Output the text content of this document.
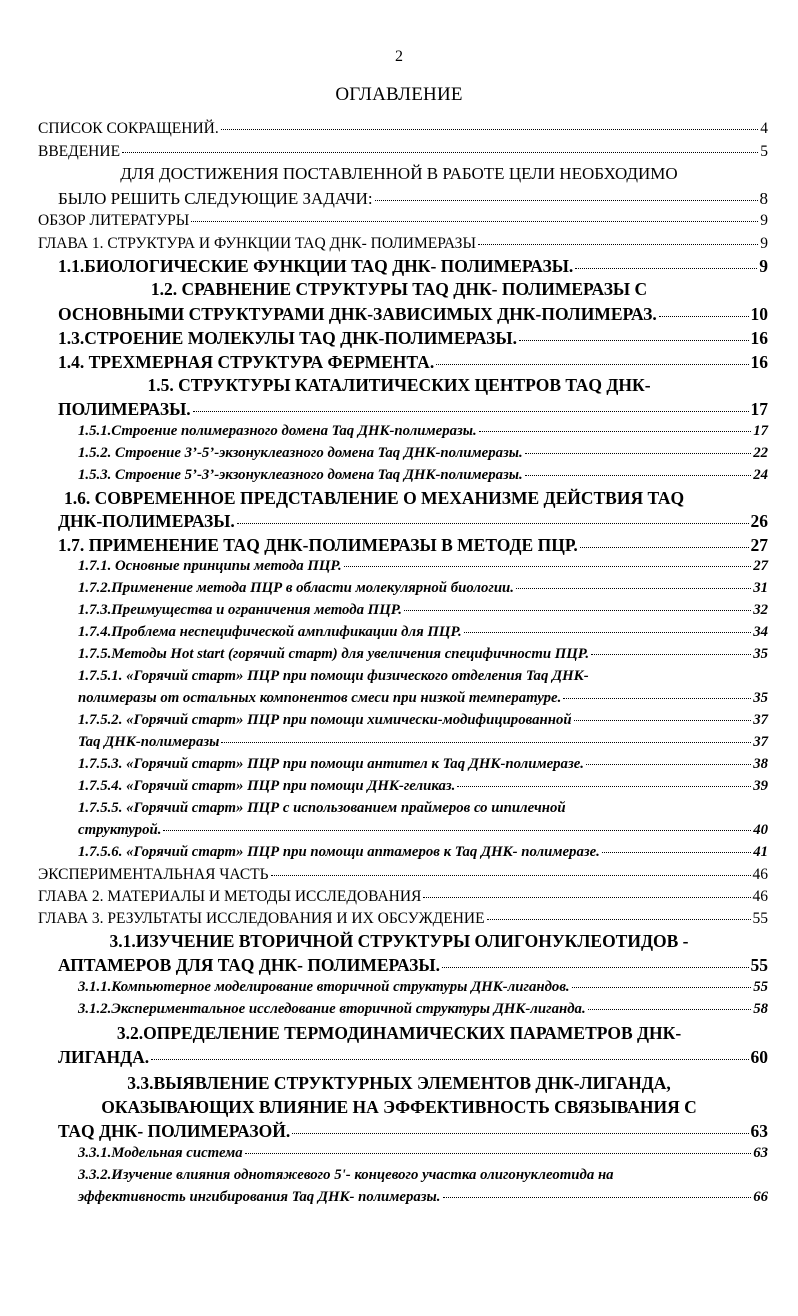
2
ОГЛАВЛЕНИЕ
СПИСОК СОКРАЩЕНИЙ.	4
ВВЕДЕНИЕ	5
ДЛЯ ДОСТИЖЕНИЯ ПОСТАВЛЕННОЙ В РАБОТЕ ЦЕЛИ НЕОБХОДИМО
БЫЛО РЕШИТЬ СЛЕДУЮЩИЕ ЗАДАЧИ:	8
ОБЗОР ЛИТЕРАТУРЫ	9
ГЛАВА 1. СТРУКТУРА И ФУНКЦИИ TAQ ДНК- ПОЛИМЕРАЗЫ	9
1.1.БИОЛОГИЧЕСКИЕ ФУНКЦИИ TAQ ДНК- ПОЛИМЕРАЗЫ.	9
1.2. СРАВНЕНИЕ СТРУКТУРЫ TAQ ДНК- ПОЛИМЕРАЗЫ С
ОСНОВНЫМИ СТРУКТУРАМИ ДНК-ЗАВИСИМЫХ ДНК-ПОЛИМЕРАЗ.	10
1.3.СТРОЕНИЕ МОЛЕКУЛЫ TAQ ДНК-ПОЛИМЕРАЗЫ.	16
1.4. ТРЕХМЕРНАЯ СТРУКТУРА ФЕРМЕНТА.	16
1.5. СТРУКТУРЫ КАТАЛИТИЧЕСКИХ ЦЕНТРОВ TAQ ДНК-
ПОЛИМЕРАЗЫ.	17
1.5.1.Строение полимеразного домена Taq ДНК-полимеразы.	17
1.5.2. Строение 3’-5’-экзонуклеазного домена Taq ДНК-полимеразы.	22
1.5.3. Строение 5’-3’-экзонуклеазного домена Taq ДНК-полимеразы.	24
1.6. СОВРЕМЕННОЕ ПРЕДСТАВЛЕНИЕ О МЕХАНИЗМЕ ДЕЙСТВИЯ TAQ
ДНК-ПОЛИМЕРАЗЫ.	26
1.7. ПРИМЕНЕНИЕ TAQ ДНК-ПОЛИМЕРАЗЫ В МЕТОДЕ ПЦР.	27
1.7.1. Основные принципы метода ПЦР.	27
1.7.2.Применение метода ПЦР в области молекулярной биологии.	31
1.7.3.Преимущества и ограничения метода ПЦР.	32
1.7.4.Проблема неспецифической амплификации для ПЦР.	34
1.7.5.Методы Hot start (горячий старт) для увеличения специфичности ПЦР.	35
1.7.5.1. «Горячий старт» ПЦР при помощи физического отделения Taq ДНК-
полимеразы от остальных компонентов смеси при низкой температуре.	35
1.7.5.2. «Горячий старт» ПЦР при помощи химически-модифицированной	37
Taq ДНК-полимеразы	37
1.7.5.3. «Горячий старт» ПЦР при помощи антител к Taq ДНК-полимеразе.	38
1.7.5.4. «Горячий старт» ПЦР при помощи ДНК-геликаз.	39
1.7.5.5. «Горячий старт» ПЦР с использованием праймеров со шпилечной
структурой.	40
1.7.5.6. «Горячий старт» ПЦР при помощи аптамеров к Taq ДНК- полимеразе.	41
ЭКСПЕРИМЕНТАЛЬНАЯ ЧАСТЬ	46
ГЛАВА 2. МАТЕРИАЛЫ И МЕТОДЫ ИССЛЕДОВАНИЯ	46
ГЛАВА 3. РЕЗУЛЬТАТЫ ИССЛЕДОВАНИЯ И ИХ ОБСУЖДЕНИЕ	55
3.1.ИЗУЧЕНИЕ ВТОРИЧНОЙ СТРУКТУРЫ ОЛИГОНУКЛЕОТИДОВ -
АПТАМЕРОВ ДЛЯ TAQ ДНК- ПОЛИМЕРАЗЫ.	55
3.1.1.Компьютерное моделирование вторичной структуры ДНК-лигандов.	55
3.1.2.Экспериментальное исследование вторичной структуры ДНК-лиганда.	58
3.2.ОПРЕДЕЛЕНИЕ ТЕРМОДИНАМИЧЕСКИХ ПАРАМЕТРОВ ДНК-
ЛИГАНДА.	60
3.3.ВЫЯВЛЕНИЕ СТРУКТУРНЫХ ЭЛЕМЕНТОВ ДНК-ЛИГАНДА,
ОКАЗЫВАЮЩИХ ВЛИЯНИЕ НА ЭФФЕКТИВНОСТЬ СВЯЗЫВАНИЯ С
TAQ ДНК- ПОЛИМЕРАЗОЙ.	63
3.3.1.Модельная система	63
3.3.2.Изучение влияния однотяжевого 5'- концевого участка олигонуклеотида на
эффективность ингибирования Taq ДНК- полимеразы.	66
